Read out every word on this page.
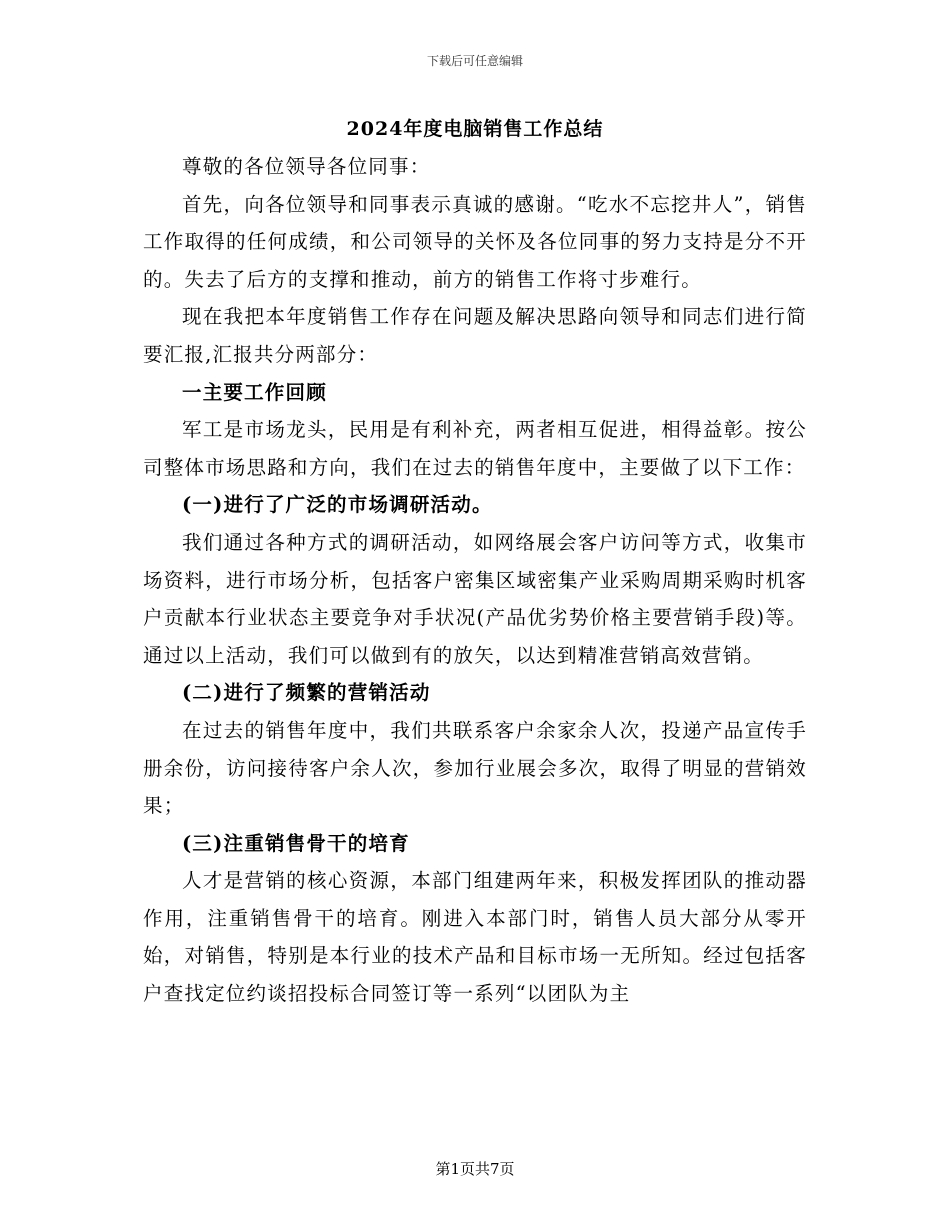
下载后可任意编辑
2024年度电脑销售工作总结

尊敬的各位领导各位同事：

首先，向各位领导和同事表示真诚的感谢。“吃水不忘挖井人”，销售工作取得的任何成绩，和公司领导的关怀及各位同事的努力支持是分不开的。失去了后方的支撑和推动，前方的销售工作将寸步难行。

现在我把本年度销售工作存在问题及解决思路向领导和同志们进行简要汇报,汇报共分两部分：

一主要工作回顾

军工是市场龙头，民用是有利补充，两者相互促进，相得益彰。按公司整体市场思路和方向，我们在过去的销售年度中，主要做了以下工作：

(一)进行了广泛的市场调研活动。

我们通过各种方式的调研活动，如网络展会客户访问等方式，收集市场资料，进行市场分析，包括客户密集区域密集产业采购周期采购时机客户贡献本行业状态主要竞争对手状况(产品优劣势价格主要营销手段)等。通过以上活动，我们可以做到有的放矢，以达到精准营销高效营销。

(二)进行了频繁的营销活动

在过去的销售年度中，我们共联系客户余家余人次，投递产品宣传手册余份，访问接待客户余人次，参加行业展会多次，取得了明显的营销效果；

(三)注重销售骨干的培育

人才是营销的核心资源，本部门组建两年来，积极发挥团队的推动器作用，注重销售骨干的培育。刚进入本部门时，销售人员大部分从零开始，对销售，特别是本行业的技术产品和目标市场一无所知。经过包括客户查找定位约谈招投标合同签订等一系列“以团队为主

第1页共7页
